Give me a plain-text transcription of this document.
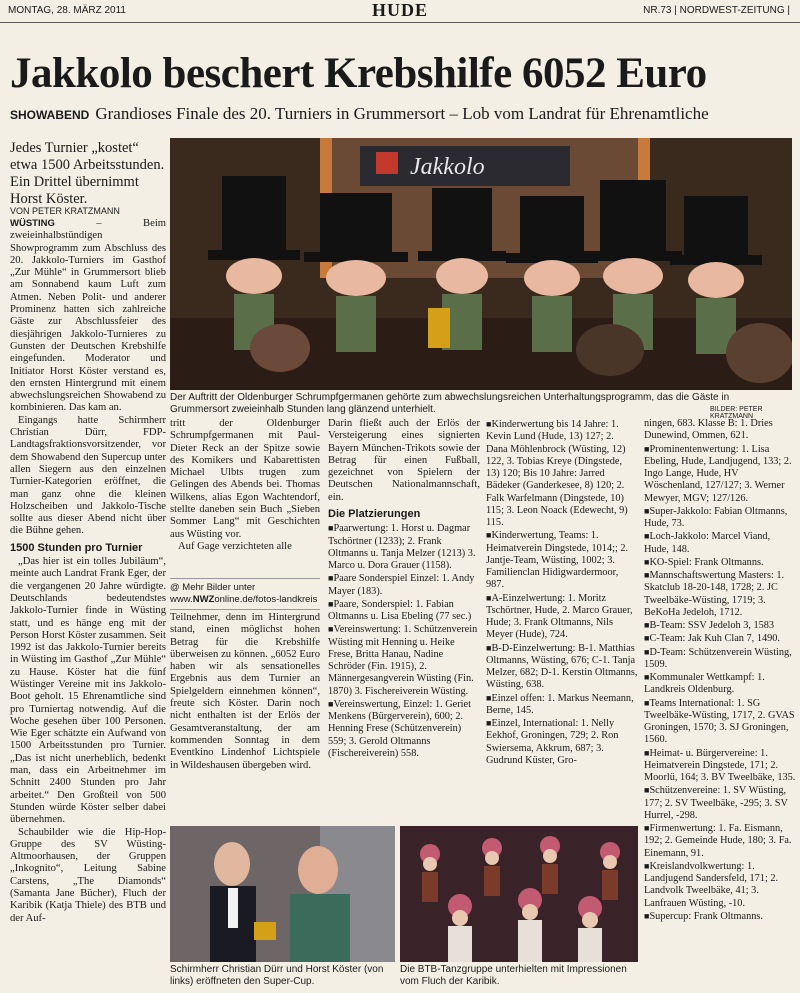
MONTAG, 28. MÄRZ 2011	HUDE	NR.73 | NORDWEST-ZEITUNG |
Jakkolo beschert Krebshilfe 6052 Euro
SHOWABEND Grandioses Finale des 20. Turniers in Grummersort – Lob vom Landrat für Ehrenamtliche
Jedes Turnier „kostet“ etwa 1500 Arbeitsstunden. Ein Drittel übernimmt Horst Köster.
VON PETER KRATZMANN
Jakkolo
Der Auftritt der Oldenburger Schrumpfgermanen gehörte zum abwechslungsreichen Unterhaltungsprogramm, das die Gäste in Grummersort zweieinhalb Stunden lang glänzend unterhielt.	BILDER: PETER KRATZMANN

WÜSTING – Beim zweieinhalbstündigen Showprogramm zum Abschluss des 20. Jakkolo-Turniers im Gasthof „Zur Mühle“ in Grummersort blieb am Sonnabend kaum Luft zum Atmen. Neben Polit- und anderer Prominenz hatten sich zahlreiche Gäste zur Abschlussfeier des diesjährigen Jakkolo-Turnieres zu Gunsten der Deutschen Krebshilfe eingefunden. Moderator und Initiator Horst Köster verstand es, den ernsten Hintergrund mit einem abwechslungsreichen Showabend zu kombinieren. Das kam an.

Eingangs hatte Schirmherr Christian Dürr, FDP-Landtagsfraktionsvorsitzender, vor dem Showabend den Supercup unter allen Siegern aus den einzelnen Turnier-Kategorien eröffnet, die man ganz ohne die kleinen Holzscheiben und Jakkolo-Tische sollte aus dieser Abend nicht über die Bühne gehen.

1500 Stunden pro Turnier

„Das hier ist ein tolles Jubiläum“, meinte auch Landrat Frank Eger, der die vergangenen 20 Jahre würdigte. Deutschlands bedeutendstes Jakkolo-Turnier finde in Wüsting statt, und es hänge eng mit der Person Horst Köster zusammen. Seit 1992 ist das Jakkolo-Turnier bereits in Wüsting im Gasthof „Zur Mühle“ zu Hause. Köster hat die fünf Wüstinger Vereine mit ins Jakkolo-Boot geholt. 15 Ehrenamtliche sind pro Turniertag notwendig. Auf die Woche gesehen über 100 Personen. Wie Eger schätzte ein Aufwand von 1500 Arbeitsstunden pro Turnier. „Das ist nicht unerheblich, bedenkt man, dass ein Arbeitnehmer im Schnitt 2400 Stunden pro Jahr arbeitet.“ Den Großteil von 500 Stunden würde Köster selber dabei übernehmen.

Schaubilder wie die Hip-Hop-Gruppe des SV Wüsting-Altmoorhausen, der Gruppen „Inkognito“, Leitung Sabine Carstens, „The Diamonds“ (Samanta Jane Bücher), Fluch der Karibik (Katja Thiele) des BTB und der Auf-

tritt der Oldenburger Schrumpfgermanen mit Paul-Dieter Reck an der Spitze sowie des Komikers und Kabarettisten Michael Ulbts trugen zum Gelingen des Abends bei. Thomas Wilkens, alias Egon Wachtendorf, stellte daneben sein Buch „Sieben Sommer Lang“ mit Geschichten aus Wüsting vor.

Auf Gage verzichteten alle

@ Mehr Bilder unter www.NWZonline.de/fotos-landkreis

Teilnehmer, denn im Hintergrund stand, einen möglichst hohen Betrag für die Krebshilfe überweisen zu können. „6052 Euro haben wir als sensationelles Ergebnis aus dem Turnier an Spielgeldern einnehmen können“, freute sich Köster. Darin noch nicht enthalten ist der Erlös der Gesamtveranstaltung, der am kommenden Sonntag in dem Eventkino Lindenhof Lichtspiele in Wildeshausen übergeben wird.

Darin fließt auch der Erlös der Versteigerung eines signierten Bayern München-Trikots sowie der Betrag für einen Fußball, gezeichnet von Spielern der Deutschen Nationalmannschaft, ein.

Die Platzierungen
■Paarwertung: 1. Horst u. Dagmar Tschörtner (1233); 2. Frank Oltmanns u. Tanja Melzer (1213) 3. Marco u. Dora Grauer (1158).
■Paare Sonderspiel Einzel: 1. Andy Mayer (183).
■Paare, Sonderspiel: 1. Fabian Oltmanns u. Lisa Ebeling (77 sec.)
■Vereinswertung: 1. Schützenverein Wüsting mit Henning u. Heike Frese, Britta Hanau, Nadine Schröder (Fin. 1915), 2. Männergesangverein Wüsting (Fin. 1870) 3. Fischereiverein Wüsting.
■Vereinswertung, Einzel: 1. Geriet Menkens (Bürgerverein), 600; 2. Henning Frese (Schützenverein) 559; 3. Gerold Oltmanns (Fischereiverein) 558.
■Kinderwertung bis 14 Jahre: 1. Kevin Lund (Hude, 13) 127; 2. Dana Möhlenbrock (Wüsting, 12) 122, 3. Tobias Kreye (Dingstede, 13) 120; Bis 10 Jahre: Jarred Bädeker (Ganderkesee, 8) 120; 2. Falk Warfelmann (Dingstede, 10) 115; 3. Leon Noack (Edewecht, 9) 115.
■Kinderwertung, Teams: 1. Heimatverein Dingstede, 1014;; 2. Jantje-Team, Wüsting, 1002; 3. Familienclan Hidigwardermoor, 987.
■A-Einzelwertung: 1. Moritz Tschörtner, Hude, 2. Marco Grauer, Hude; 3. Frank Oltmanns, Nils Meyer (Hude), 724.
■B-D-Einzelwertung: B-1. Matthias Oltmanns, Wüsting, 676; C-1. Tanja Melzer, 682; D-1. Kerstin Oltmanns, Wüsting, 638.
■Einzel offen: 1. Markus Neemann, Berne, 145.
■Einzel, International: 1. Nelly Eekhof, Groningen, 729; 2. Ron Swiersema, Akkrum, 687; 3. Gudrund Küster, Gro-
ningen, 683. Klasse B: 1. Dries Dunewind, Ommen, 621.
■Prominentenwertung: 1. Lisa Ebeling, Hude, Landjugend, 133; 2. Ingo Lange, Hude, HV Wöschenland, 127/127; 3. Werner Mewyer, MGV; 127/126.
■Super-Jakkolo: Fabian Oltmanns, Hude, 73.
■Loch-Jakkolo: Marcel Viand, Hude, 148.
■KO-Spiel: Frank Oltmanns.
■Mannschaftswertung Masters: 1. Skatclub 18-20-148, 1728; 2. JC Tweelbäke-Wüsting, 1719; 3. BeKoHa Jedeloh, 1712.
■B-Team: SSV Jedeloh 3, 1583
■C-Team: Jak Kuh Clan 7, 1490.
■D-Team: Schützenverein Wüsting, 1509.
■Kommunaler Wettkampf: 1. Landkreis Oldenburg.
■Teams International: 1. SG Tweelbäke-Wüsting, 1717, 2. GVAS Groningen, 1570; 3. SJ Groningen, 1560.
■Heimat- u. Bürgervereine: 1. Heimatverein Dingstede, 171; 2. Moorlü, 164; 3. BV Tweelbäke, 135.
■Schützenvereine: 1. SV Wüsting, 177; 2. SV Tweelbäke, -295; 3. SV Hurrel, -298.
■Firmenwertung: 1. Fa. Eismann, 192; 2. Gemeinde Hude, 180; 3. Fa. Einemann, 91.
■Kreislandvolkwertung: 1. Landjugend Sandersfeld, 171; 2. Landvolk Tweelbäke, 41; 3. Lanfrauen Wüsting, -10.
■Supercup: Frank Oltmanns.
Schirmherr Christian Dürr und Horst Köster (von links) eröffneten den Super-Cup.
Die BTB-Tanzgruppe unterhielten mit Impressionen vom Fluch der Karibik.
